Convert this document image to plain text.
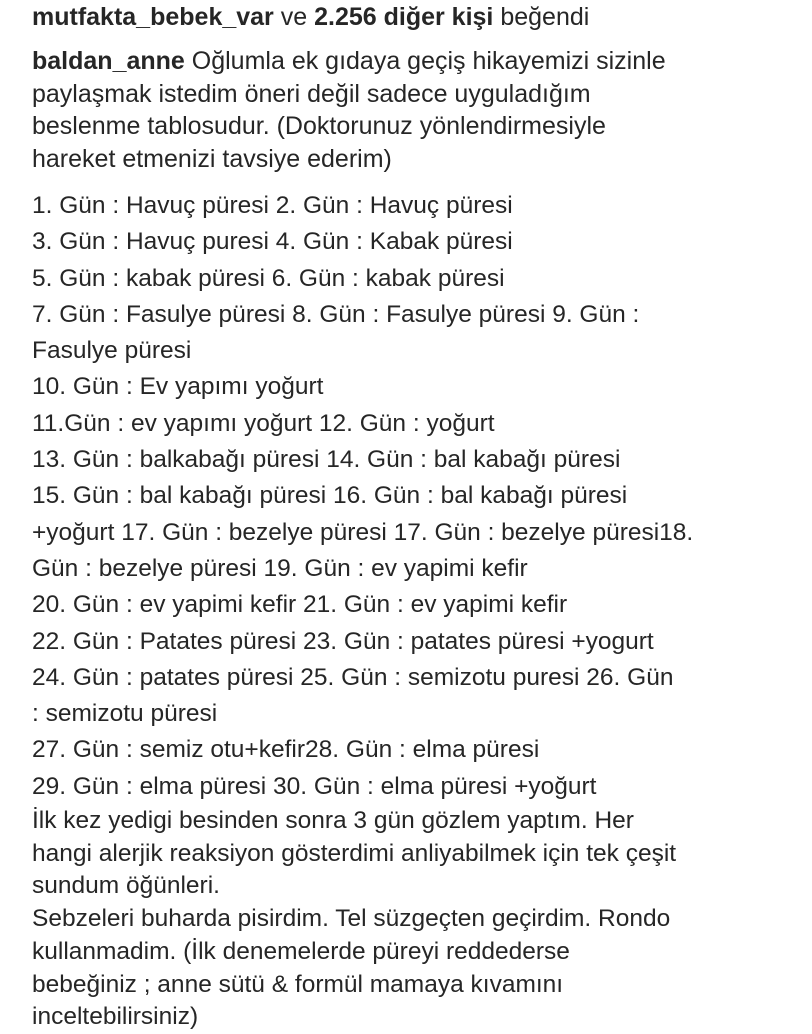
mutfakta_bebek_var ve 2.256 diğer kişi beğendi
baldan_anne Oğlumla ek gıdaya geçiş hikayemizi sizinle
paylaşmak istedim öneri değil sadece uyguladığım
beslenme tablosudur. (Doktorunuz yönlendirmesiyle
hareket etmenizi tavsiye ederim)
1. Gün : Havuç püresi 2. Gün : Havuç püresi
3. Gün : Havuç puresi 4. Gün : Kabak püresi
5. Gün : kabak püresi 6. Gün : kabak püresi
7. Gün : Fasulye püresi 8. Gün : Fasulye püresi 9. Gün :
Fasulye püresi
10. Gün : Ev yapımı yoğurt
11.Gün : ev yapımı yoğurt 12. Gün : yoğurt
13. Gün : balkabağı püresi 14. Gün : bal kabağı püresi
15. Gün : bal kabağı püresi 16. Gün : bal kabağı püresi
+yoğurt 17. Gün : bezelye püresi 17. Gün : bezelye püresi18.
Gün : bezelye püresi 19. Gün : ev yapimi kefir
20. Gün : ev yapimi kefir 21. Gün : ev yapimi kefir
22. Gün : Patates püresi 23. Gün : patates püresi +yogurt
24. Gün : patates püresi 25. Gün : semizotu puresi 26. Gün
: semizotu püresi
27. Gün : semiz otu+kefir28. Gün : elma püresi
29. Gün : elma püresi 30. Gün : elma püresi +yoğurt
İlk kez yedigi besinden sonra 3 gün gözlem yaptım. Her
hangi alerjik reaksiyon gösterdimi anliyabilmek için tek çeşit
sundum öğünleri.
Sebzeleri buharda pisirdim. Tel süzgeçten geçirdim. Rondo
kullanmadim. (İlk denemelerde püreyi reddederse
bebeğiniz ; anne sütü & formül mamaya kıvamını
inceltebilirsiniz)
